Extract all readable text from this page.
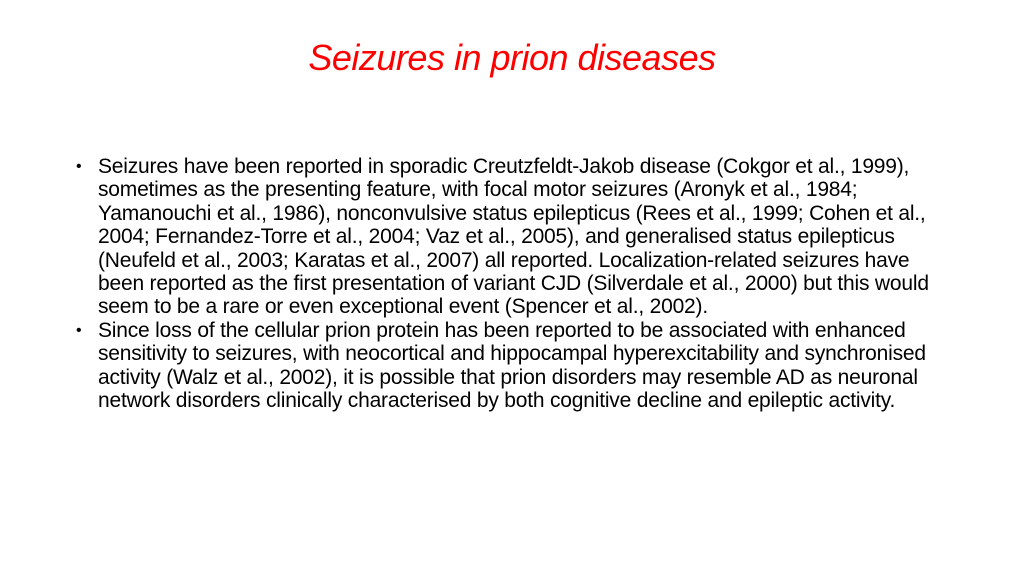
Seizures in prion diseases
• Seizures have been reported in sporadic Creutzfeldt-Jakob disease (Cokgor et al., 1999), sometimes as the presenting feature, with focal motor seizures (Aronyk et al., 1984; Yamanouchi et al., 1986), nonconvulsive status epilepticus (Rees et al., 1999; Cohen et al., 2004; Fernandez-Torre et al., 2004; Vaz et al., 2005), and generalised status epilepticus (Neufeld et al., 2003; Karatas et al., 2007) all reported. Localization-related seizures have been reported as the first presentation of variant CJD (Silverdale et al., 2000) but this would seem to be a rare or even exceptional event (Spencer et al., 2002).
• Since loss of the cellular prion protein has been reported to be associated with enhanced sensitivity to seizures, with neocortical and hippocampal hyperexcitability and synchronised activity (Walz et al., 2002), it is possible that prion disorders may resemble AD as neuronal network disorders clinically characterised by both cognitive decline and epileptic activity.
